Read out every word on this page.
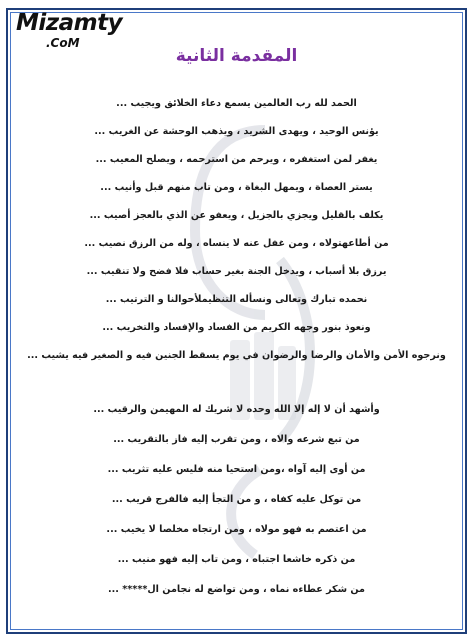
Mizamty
.CoM
المقدمة الثانية
الحمد لله رب العالمين يسمع دعاء الخلائق ويجيب ...
يؤنس الوحيد ، ويهدى الشريد ، ويذهب الوحشة عن الغريب ...
يغفر لمن استغفره ، ويرحم من استرحمه ، ويصلح المعيب ...
يستر العصاة ، ويمهل البغاة ، ومن تاب منهم قبل وأنيب ...
يكلف بالقليل ويجزي بالجزيل ، ويعفو عن الذي بالعجز أصيب ...
من أطاعهتولاه ، ومن غفل عنه لا ينساه ، وله من الرزق نصيب ...
يرزق بلا أسباب ، ويدخل الجنة بغير حساب فلا فضح ولا تنقيب ...
نحمده تبارك وتعالى ونسأله التنظيملأحوالنا و الترتيب ...
ونعوذ بنور وجهه الكريم من الفساد والإفساد والتخريب ...
ونرجوه الأمن والأمان والرضا والرضوان في يوم يسقط الجنين فيه و الصغير فيه يشيب ...
وأشهد أن لا إله إلا الله وحده لا شريك له المهيمن والرقيب ...
من تبع شرعه والاه ، ومن تقرب إليه فاز بالتقريب ...
من أوى إليه آواه ،ومن استحيا منه فليس عليه تثريب ...
من توكل عليه كفاه ، و من التجأ إليه فالفرج قريب ...
من اعتصم به فهو مولاه ، ومن ارتجاه مخلصا لا يخيب ...
من ذكره خاشعا اجتباه ، ومن تاب إليه فهو منيب ...
من شكر عطاءه نماه ، ومن تواضع له نجامن ال***** ...
